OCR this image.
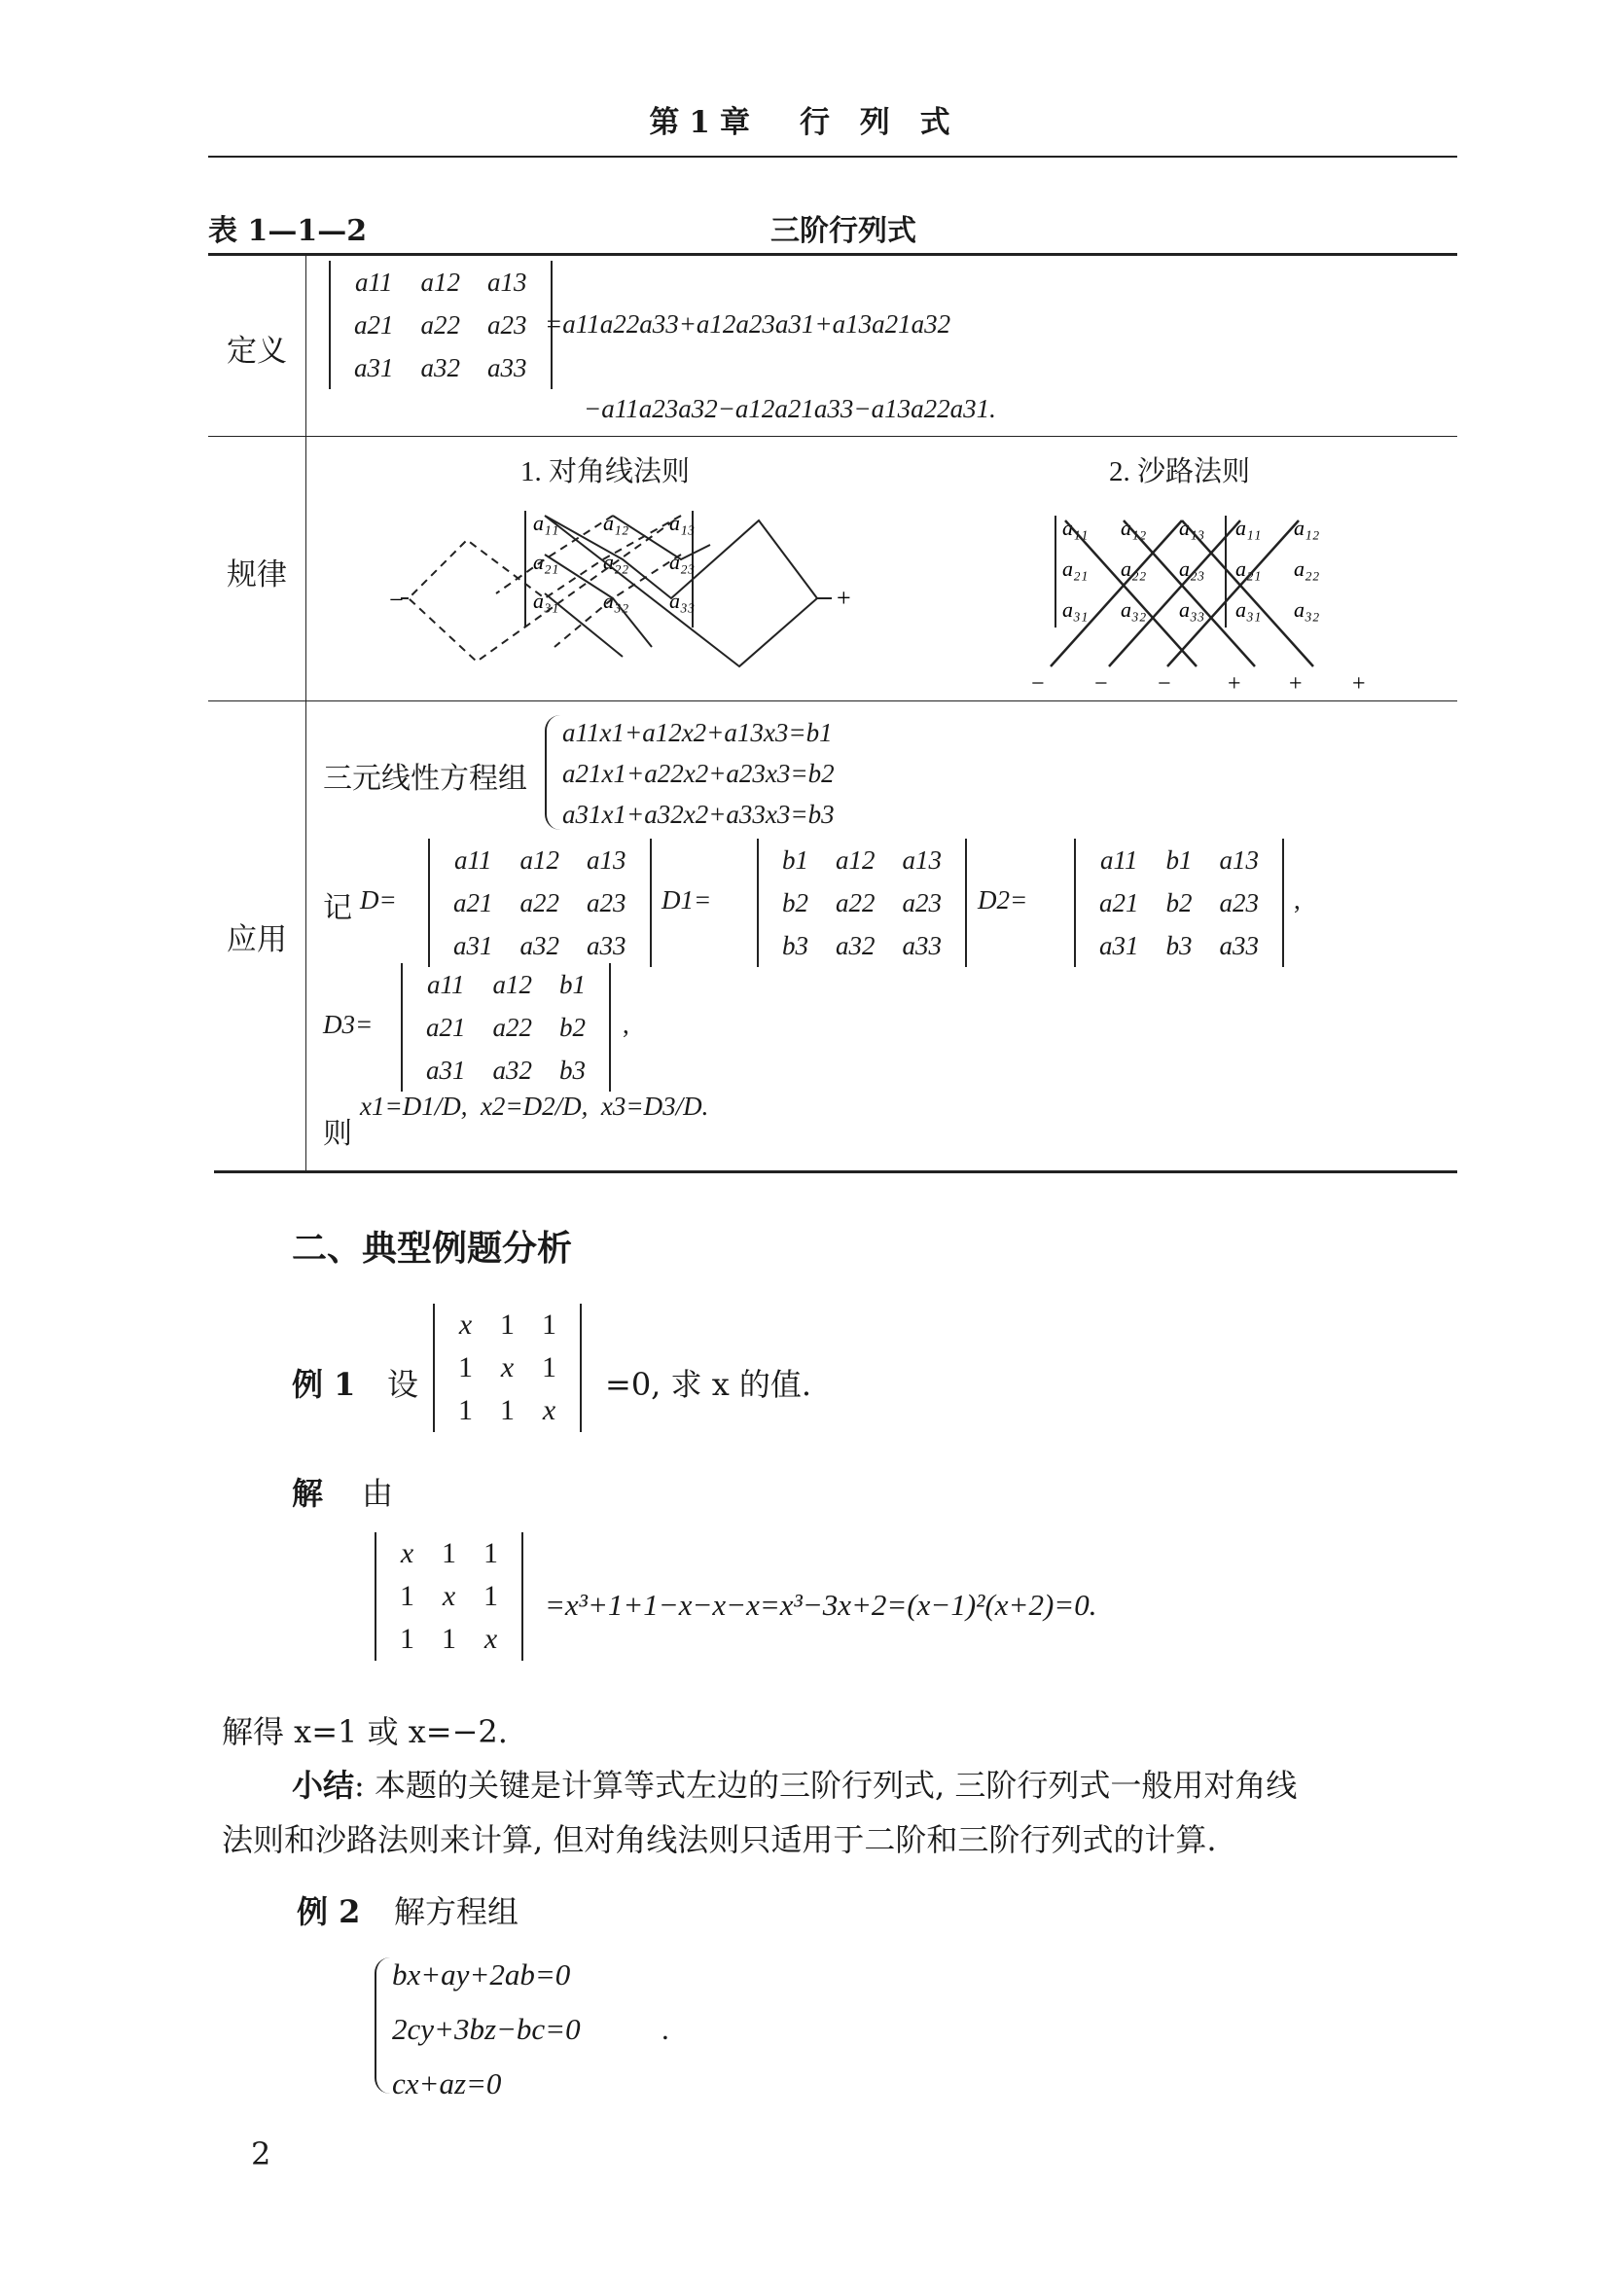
第1章　行 列 式
表 1—1—2	三阶行列式
定义
a11	a12	a13
a21	a22	a23
a31	a32	a33
=a11a22a33+a12a23a31+a13a21a32
−a11a23a32−a12a21a33−a13a22a31.
规律
1. 对角线法则	2. 沙路法则
a₁₁ a₁₂ a₁₃
a₂₁ a₂₂ a₂₃
a₃₁ a₃₂ a₃₃	+
−
a₁₁ a₁₂ a₁₃ a₁₁ a₁₂
a₂₁ a₂₂ a₂₃ a₂₁ a₂₂
a₃₁ a₃₂ a₃₃ a₃₁ a₃₂
− − − + + +
应用
三元线性方程组
a11x1+a12x2+a13x3=b1
a21x1+a22x2+a23x3=b2
a31x1+a32x2+a33x3=b3
记 D=
a11	a12	a13
a21	a22	a23
a31	a32	a33
D1=
b1	a12	a13
b2	a22	a23
b3	a32	a33
D2=
a11	b1	a13
a21	b2	a23
a31	b3	a33
,
D3=
a11	a12	b1
a21	a22	b2
a31	a32	b3
,
则
x1=D1/D,  x2=D2/D,  x3=D3/D.
二、典型例题分析
例 1 设
x	1	1
1	x	1
1	1	x
=0, 求 x 的值.
解 由
x	1	1
1	x	1
1	1	x
=x³+1+1−x−x−x=x³−3x+2=(x−1)²(x+2)=0.
解得 x=1 或 x=−2.
小结: 本题的关键是计算等式左边的三阶行列式, 三阶行列式一般用对角线
法则和沙路法则来计算, 但对角线法则只适用于二阶和三阶行列式的计算.
例 2 解方程组
bx+ay+2ab=0
2cy+3bz−bc=0
cx+az=0
.
2
